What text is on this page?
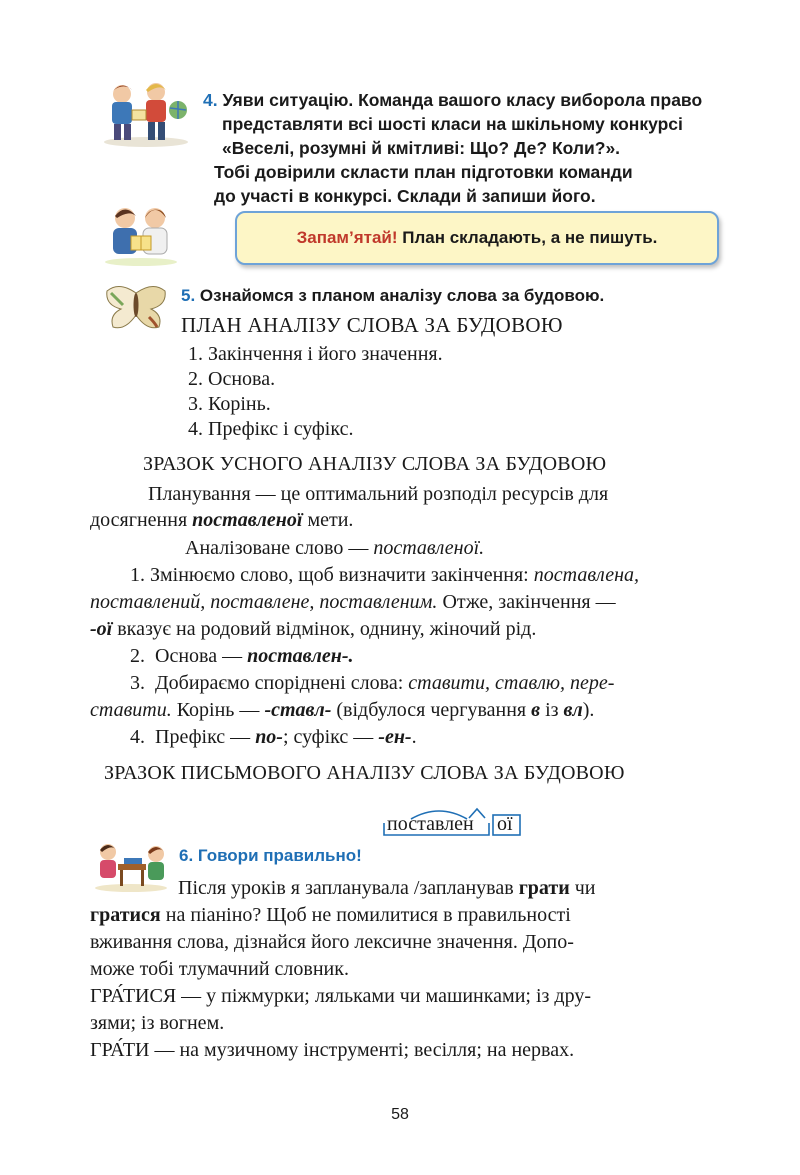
4. Уяви ситуацію. Команда вашого класу виборола право
представляти всі шості класи на шкільному конкурсі
«Веселі, розумні й кмітливі: Що? Де? Коли?».
Тобі довірили скласти план підготовки команди
до участі в конкурсі. Склади й запиши його.
Запам’ятай! План складають, а не пишуть.
5. Ознайомся з планом аналізу слова за будовою.
ПЛАН АНАЛІЗУ СЛОВА ЗА БУДОВОЮ
1. Закінчення і його значення.
2. Основа.
3. Корінь.
4. Префікс і суфікс.
ЗРАЗОК УСНОГО АНАЛІЗУ СЛОВА ЗА БУДОВОЮ
Планування — це оптимальний розподіл ресурсів для
досягнення поставленої мети.
Аналізоване слово — поставленої.
1. Змінюємо слово, щоб визначити закінчення: поставлена,
поставлений, поставлене, поставленим. Отже, закінчення —
-ої вказує на родовий відмінок, однину, жіночий рід.
2.  Основа — поставлен-.
3.  Добираємо споріднені слова: ставити, ставлю, пере-
ставити. Корінь — -ставл- (відбулося чергування в із вл).
4.  Префікс — по-; суфікс — -ен-.
ЗРАЗОК ПИСЬМОВОГО АНАЛІЗУ СЛОВА ЗА БУДОВОЮ
поставлен ої
6. Говори правильно!
Після уроків я запланувала /запланував грати чи
гратися на піаніно? Щоб не помилитися в правильності
вживання слова, дізнайся його лексичне значення. Допо-
може тобі тлумачний словник.
ГРА́ТИСЯ — у піжмурки; ляльками чи машинками; із дру-
зями; із вогнем.
ГРА́ТИ — на музичному інструменті; весілля; на нервах.
58
